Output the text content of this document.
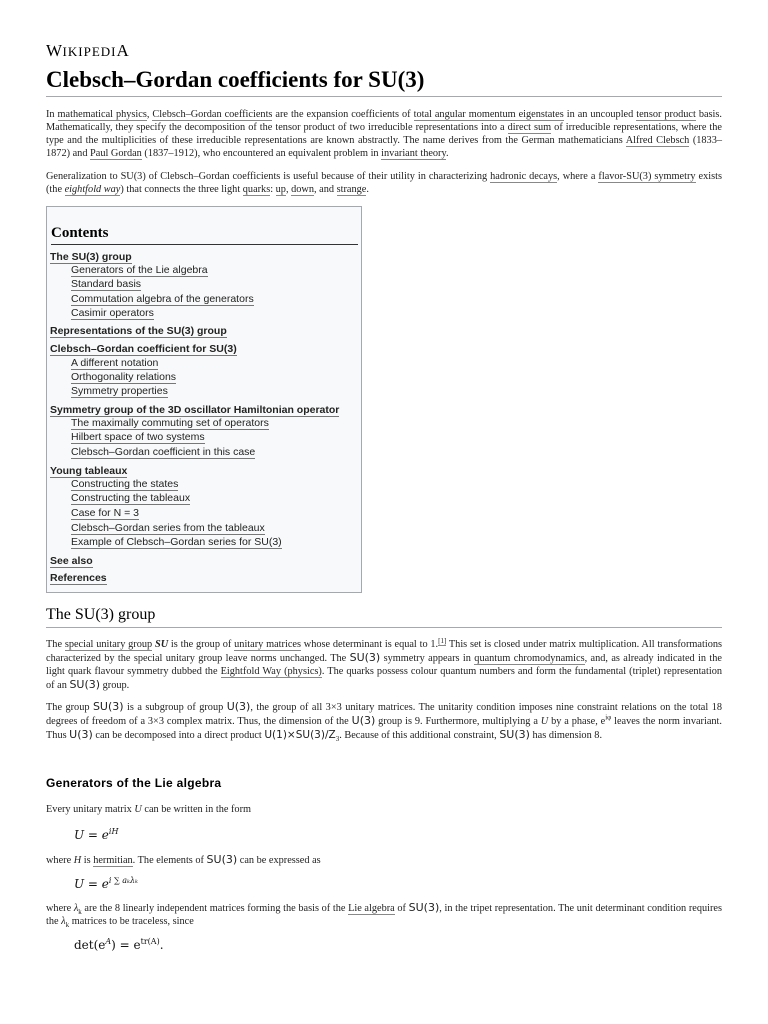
WIKIPEDIA
Clebsch–Gordan coefficients for SU(3)

In mathematical physics, Clebsch–Gordan coefficients are the expansion coefficients of total angular momentum eigenstates in an uncoupled tensor product basis. Mathematically, they specify the decomposition of the tensor product of two irreducible representations into a direct sum of irreducible representations, where the type and the multiplicities of these irreducible representations are known abstractly. The name derives from the German mathematicians Alfred Clebsch (1833–1872) and Paul Gordan (1837–1912), who encountered an equivalent problem in invariant theory.

Generalization to SU(3) of Clebsch–Gordan coefficients is useful because of their utility in characterizing hadronic decays, where a flavor-SU(3) symmetry exists (the eightfold way) that connects the three light quarks: up, down, and strange.

Contents
The SU(3) group
Generators of the Lie algebra
Standard basis
Commutation algebra of the generators
Casimir operators
Representations of the SU(3) group
Clebsch–Gordan coefficient for SU(3)
A different notation
Orthogonality relations
Symmetry properties
Symmetry group of the 3D oscillator Hamiltonian operator
The maximally commuting set of operators
Hilbert space of two systems
Clebsch–Gordan coefficient in this case
Young tableaux
Constructing the states
Constructing the tableaux
Case for N = 3
Clebsch–Gordan series from the tableaux
Example of Clebsch–Gordan series for SU(3)
See also
References
The SU(3) group

The special unitary group SU is the group of unitary matrices whose determinant is equal to 1.[1] This set is closed under matrix multiplication. All transformations characterized by the special unitary group leave norms unchanged. The SU(3) symmetry appears in quantum chromodynamics, and, as already indicated in the light quark flavour symmetry dubbed the Eightfold Way (physics). The quarks possess colour quantum numbers and form the fundamental (triplet) representation of an SU(3) group.

The group SU(3) is a subgroup of group U(3), the group of all 3×3 unitary matrices. The unitarity condition imposes nine constraint relations on the total 18 degrees of freedom of a 3×3 complex matrix. Thus, the dimension of the U(3) group is 9. Furthermore, multiplying a U by a phase, $e^{i\varphi}$ leaves the norm invariant. Thus U(3) can be decomposed into a direct product $U(1)\times SU(3)/Z_3$. Because of this additional constraint, SU(3) has dimension 8.

Generators of the Lie algebra

Every unitary matrix U can be written in the form

$U = e^{iH}$

where H is hermitian. The elements of SU(3) can be expressed as

$U = e^{i \sum a_k\lambda_k}$

where $\lambda_k$ are the 8 linearly independent matrices forming the basis of the Lie algebra of SU(3), in the tripet representation. The unit determinant condition requires the $\lambda_k$ matrices to be traceless, since

$\det(e^A) = e^{tr(A)}$.
